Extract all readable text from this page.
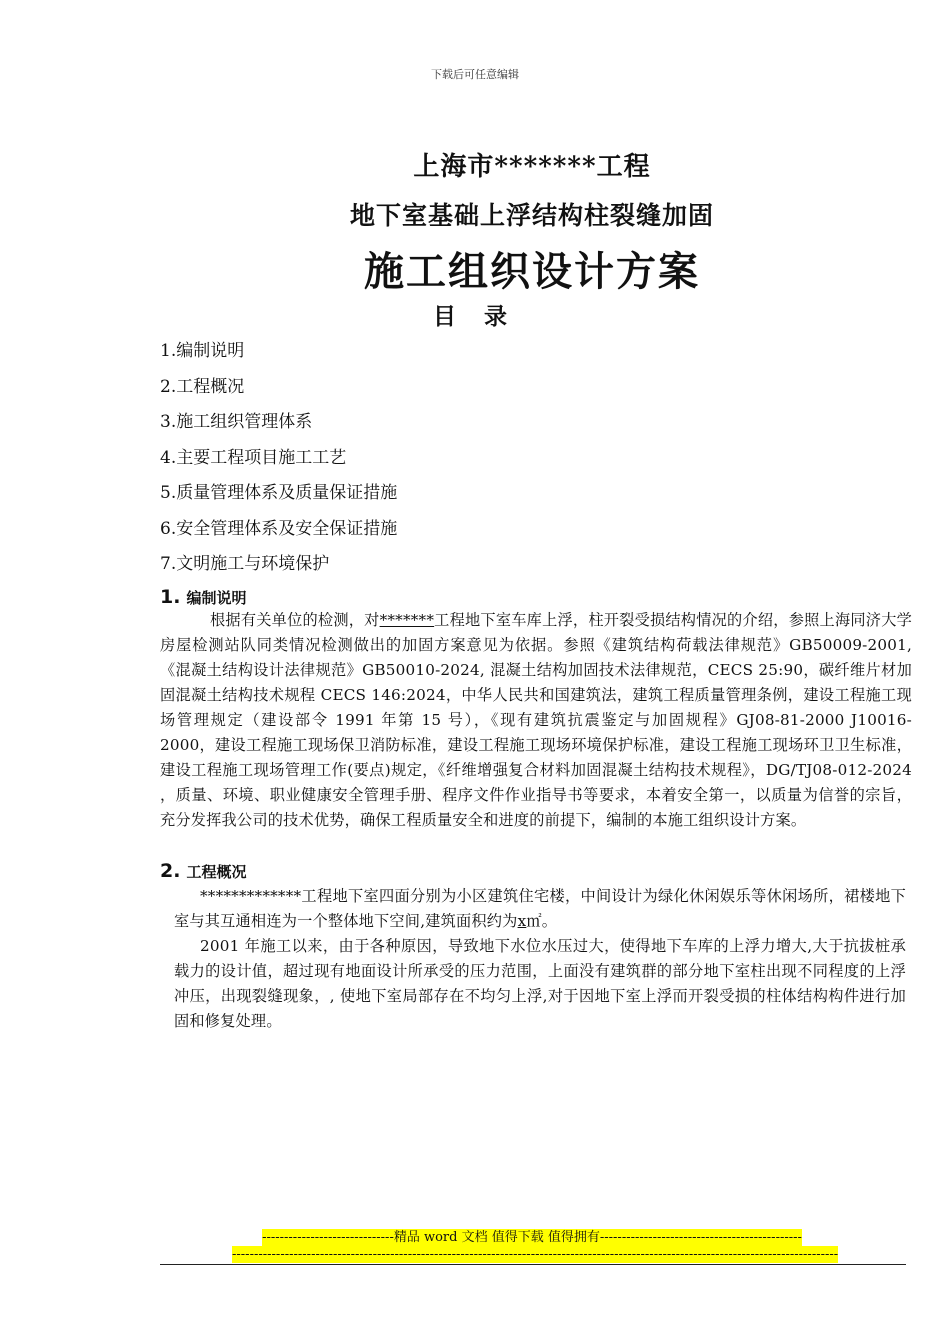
下载后可任意编辑
上海市*******工程
地下室基础上浮结构柱裂缝加固
施工组织设计方案
目 录
1.编制说明
2.工程概况
3.施工组织管理体系
4.主要工程项目施工工艺
5.质量管理体系及质量保证措施
6.安全管理体系及安全保证措施
7.文明施工与环境保护
1. 编制说明
根据有关单位的检测，对*******工程地下室车库上浮，柱开裂受损结构情况的介绍，参照上海同济大学房屋检测站队同类情况检测做出的加固方案意见为依据。参照《建筑结构荷载法律规范》GB50009-2001,《混凝土结构设计法律规范》GB50010-2024, 混凝土结构加固技术法律规范，CECS 25:90，碳纤维片材加固混凝土结构技术规程 CECS 146:2024，中华人民共和国建筑法，建筑工程质量管理条例，建设工程施工现场管理规定（建设部令 1991 年第 15 号），《现有建筑抗震鉴定与加固规程》GJ08-81-2000 J10016-2000，建设工程施工现场保卫消防标准，建设工程施工现场环境保护标准，建设工程施工现场环卫卫生标准，建设工程施工现场管理工作(要点)规定，《纤维增强复合材料加固混凝土结构技术规程》，DG/TJ08-012-2024 ，质量、环境、职业健康安全管理手册、程序文件作业指导书等要求，本着安全第一，以质量为信誉的宗旨，充分发挥我公司的技术优势，确保工程质量安全和进度的前提下，编制的本施工组织设计方案。
2. 工程概况
*************工程地下室四面分别为小区建筑住宅楼，中间设计为绿化休闲娱乐等休闲场所，裙楼地下室与其互通相连为一个整体地下空间,建筑面积约为x㎡。
2001 年施工以来，由于各种原因，导致地下水位水压过大，使得地下车库的上浮力增大,大于抗拔桩承载力的设计值，超过现有地面设计所承受的压力范围，上面没有建筑群的部分地下室柱出现不同程度的上浮冲压，出现裂缝现象，, 使地下室局部存在不均匀上浮,对于因地下室上浮而开裂受损的柱体结构构件进行加固和修复处理。
------------------------------精品 word 文档 值得下载 值得拥有----------------------------------------------
------------------------------------------------------------------------------------------------------------------------------------------
